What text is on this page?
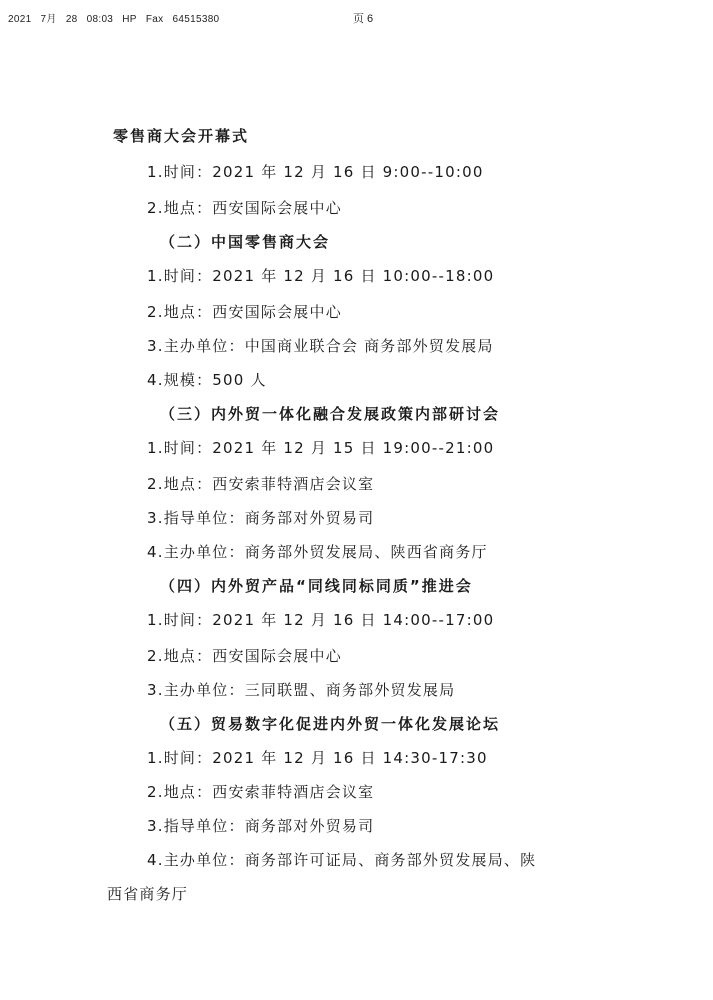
2021 7月 28 08:03 HP Fax 64515380	页 6
零售商大会开幕式
1.时间：2021 年 12 月 16 日 9:00--10:00
2.地点：西安国际会展中心
（二）中国零售商大会
1.时间：2021 年 12 月 16 日 10:00--18:00
2.地点：西安国际会展中心
3.主办单位：中国商业联合会 商务部外贸发展局
4.规模：500 人
（三）内外贸一体化融合发展政策内部研讨会
1.时间：2021 年 12 月 15 日 19:00--21:00
2.地点：西安索菲特酒店会议室
3.指导单位：商务部对外贸易司
4.主办单位：商务部外贸发展局、陕西省商务厅
（四）内外贸产品“同线同标同质”推进会
1.时间：2021 年 12 月 16 日 14:00--17:00
2.地点：西安国际会展中心
3.主办单位：三同联盟、商务部外贸发展局
（五）贸易数字化促进内外贸一体化发展论坛
1.时间：2021 年 12 月 16 日 14:30-17:30
2.地点：西安索菲特酒店会议室
3.指导单位：商务部对外贸易司
4.主办单位：商务部许可证局、商务部外贸发展局、陕
西省商务厅
